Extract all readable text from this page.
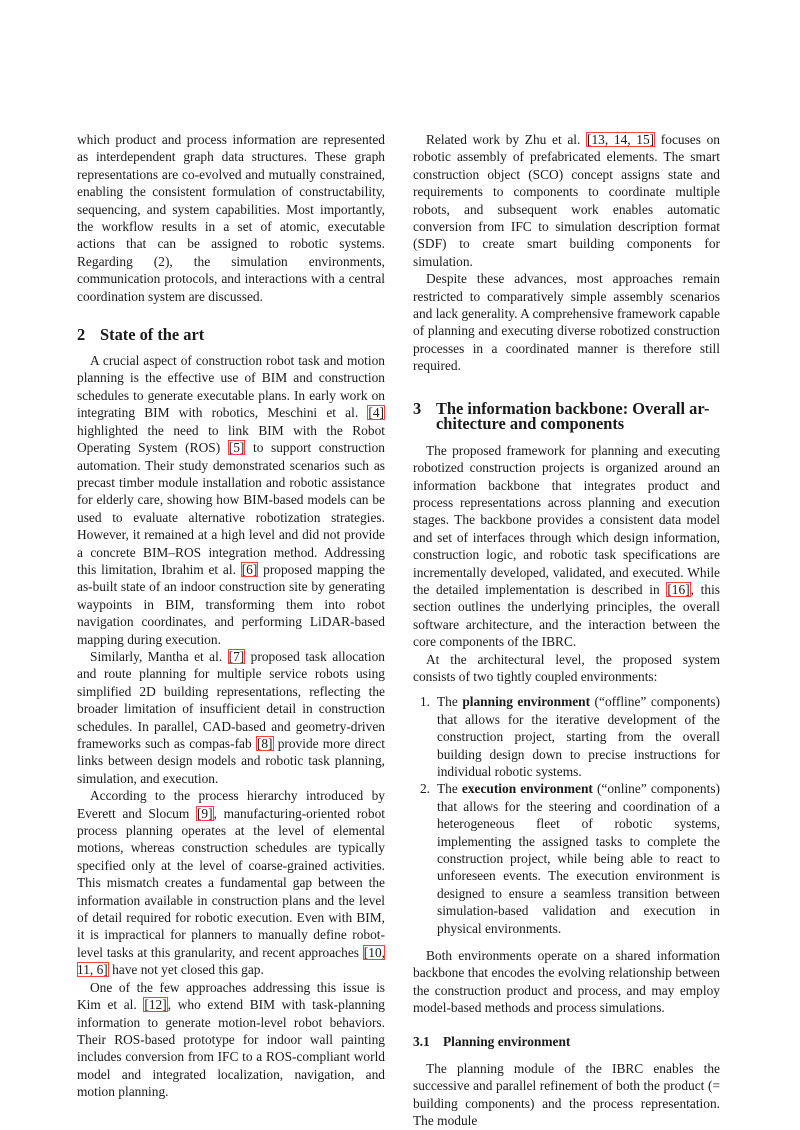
which product and process information are represented as interdependent graph data structures. These graph representations are co-evolved and mutually constrained, enabling the consistent formulation of constructability, sequencing, and system capabilities. Most importantly, the workflow results in a set of atomic, executable actions that can be assigned to robotic systems. Regarding (2), the simulation environments, communication protocols, and interactions with a central coordination system are discussed.

2 State of the art

A crucial aspect of construction robot task and motion planning is the effective use of BIM and construction schedules to generate executable plans. In early work on integrating BIM with robotics, Meschini et al. [4] highlighted the need to link BIM with the Robot Operating System (ROS) [5] to support construction automation. Their study demonstrated scenarios such as precast timber module installation and robotic assistance for elderly care, showing how BIM-based models can be used to evaluate alternative robotization strategies. However, it remained at a high level and did not provide a concrete BIM–ROS integration method. Addressing this limitation, Ibrahim et al. [6] proposed mapping the as-built state of an indoor construction site by generating waypoints in BIM, transforming them into robot navigation coordinates, and performing LiDAR-based mapping during execution.

Similarly, Mantha et al. [7] proposed task allocation and route planning for multiple service robots using simplified 2D building representations, reflecting the broader limitation of insufficient detail in construction schedules. In parallel, CAD-based and geometry-driven frameworks such as compas-fab [8] provide more direct links between design models and robotic task planning, simulation, and execution.

According to the process hierarchy introduced by Everett and Slocum [9], manufacturing-oriented robot process planning operates at the level of elemental motions, whereas construction schedules are typically specified only at the level of coarse-grained activities. This mismatch creates a fundamental gap between the information available in construction plans and the level of detail required for robotic execution. Even with BIM, it is impractical for planners to manually define robot-level tasks at this granularity, and recent approaches [10, 11, 6] have not yet closed this gap.

One of the few approaches addressing this issue is Kim et al. [12], who extend BIM with task-planning information to generate motion-level robot behaviors. Their ROS-based prototype for indoor wall painting includes conversion from IFC to a ROS-compliant world model and integrated localization, navigation, and motion planning.

Related work by Zhu et al. [13, 14, 15] focuses on robotic assembly of prefabricated elements. The smart construction object (SCO) concept assigns state and requirements to components to coordinate multiple robots, and subsequent work enables automatic conversion from IFC to simulation description format (SDF) to create smart building components for simulation.

Despite these advances, most approaches remain restricted to comparatively simple assembly scenarios and lack generality. A comprehensive framework capable of planning and executing diverse robotized construction processes in a coordinated manner is therefore still required.

3 The information backbone: Overall ar-
chitecture and components

The proposed framework for planning and executing robotized construction projects is organized around an information backbone that integrates product and process representations across planning and execution stages. The backbone provides a consistent data model and set of interfaces through which design information, construction logic, and robotic task specifications are incrementally developed, validated, and executed. While the detailed implementation is described in [16], this section outlines the underlying principles, the overall software architecture, and the interaction between the core components of the IBRC.

At the architectural level, the proposed system consists of two tightly coupled environments:

1. The planning environment (“offline” components) that allows for the iterative development of the construction project, starting from the overall building design down to precise instructions for individual robotic systems.
2. The execution environment (“online” components) that allows for the steering and coordination of a heterogeneous fleet of robotic systems, implementing the assigned tasks to complete the construction project, while being able to react to unforeseen events. The execution environment is designed to ensure a seamless transition between simulation-based validation and execution in physical environments.

Both environments operate on a shared information backbone that encodes the evolving relationship between the construction product and process, and may employ model-based methods and process simulations.

3.1 Planning environment

The planning module of the IBRC enables the successive and parallel refinement of both the product (= building components) and the process representation. The module
